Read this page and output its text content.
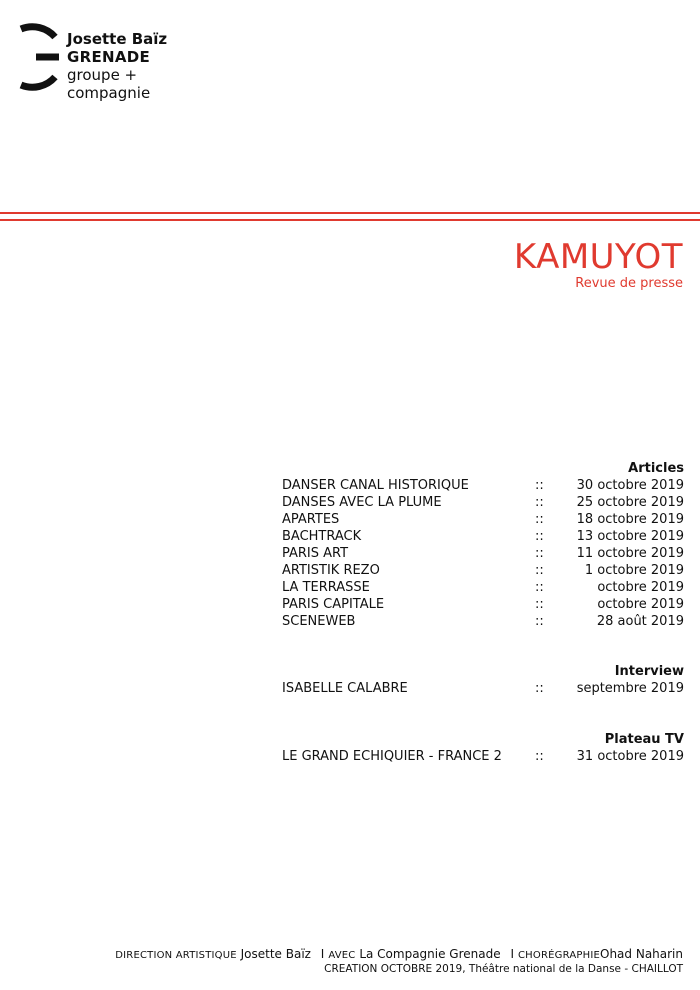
Josette Baïz
GRENADE
groupe + compagnie
KAMUYOT
Revue de presse
Articles
DANSER CANAL HISTORIQUE	::	30 octobre 2019
DANSES AVEC LA PLUME	::	25 octobre 2019
APARTES	::	18 octobre 2019
BACHTRACK	::	13 octobre 2019
PARIS ART	::	11 octobre 2019
ARTISTIK REZO	::	1 octobre 2019
LA TERRASSE	::	octobre 2019
PARIS CAPITALE	::	octobre 2019
SCENEWEB	::	28 août 2019
Interview
ISABELLE CALABRE	::	septembre 2019
Plateau TV
LE GRAND ECHIQUIER - FRANCE 2	::	31 octobre 2019
DIRECTION ARTISTIQUE Josette Baïz I AVEC La Compagnie Grenade I CHORÉGRAPHIEOhad Naharin
CREATION OCTOBRE 2019, Théâtre national de la Danse - CHAILLOT
